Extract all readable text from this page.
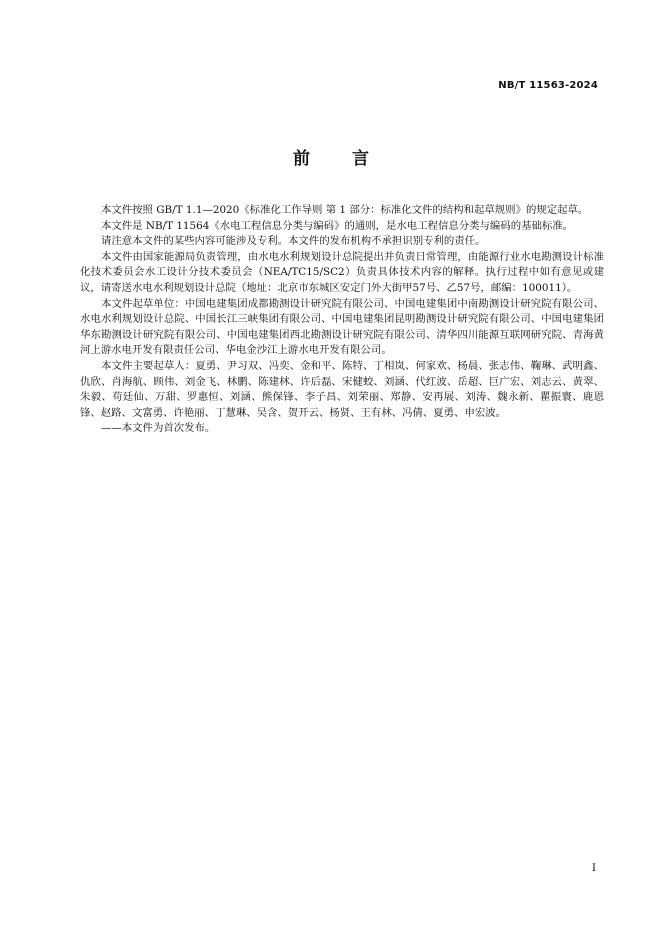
NB/T 11563-2024
前言

本文件按照 GB/T 1.1—2020《标准化工作导则 第 1 部分：标准化文件的结构和起草规则》的规定起草。

本文件是 NB/T 11564《水电工程信息分类与编码》的通则，是水电工程信息分类与编码的基础标准。

请注意本文件的某些内容可能涉及专利。本文件的发布机构不承担识别专利的责任。

本文件由国家能源局负责管理，由水电水利规划设计总院提出并负责日常管理，由能源行业水电勘测设计标准化技术委员会水工设计分技术委员会（NEA/TC15/SC2）负责具体技术内容的解释。执行过程中如有意见或建议，请寄送水电水利规划设计总院（地址：北京市东城区安定门外大街甲57号、乙57号，邮编：100011）。

本文件起草单位：中国电建集团成都勘测设计研究院有限公司、中国电建集团中南勘测设计研究院有限公司、水电水利规划设计总院、中国长江三峡集团有限公司、中国电建集团昆明勘测设计研究院有限公司、中国电建集团华东勘测设计研究院有限公司、中国电建集团西北勘测设计研究院有限公司、清华四川能源互联网研究院、青海黄河上游水电开发有限责任公司、华电金沙江上游水电开发有限公司。

本文件主要起草人：夏勇、尹习双、冯奕、金和平、陈特、丁相岚、何家欢、杨晨、张志伟、鞠琳、武明鑫、仇欣、肖海航、顾伟、刘金飞、林鹏、陈建林、许后磊、宋健蛟、刘涵、代红波、岳超、巨广宏、刘志云、黄翠、朱毅、苟廷仙、万甜、罗惠恒、刘涵、熊保锋、李子昌、刘荣丽、郑静、安再展、刘涛、魏永新、瞿振寰、鹿恩锋、赵路、文富勇、许艳丽、丁慧琳、吴含、贺开云、杨贤、王有林、冯倩、夏勇、申宏波。

——本文件为首次发布。

I
